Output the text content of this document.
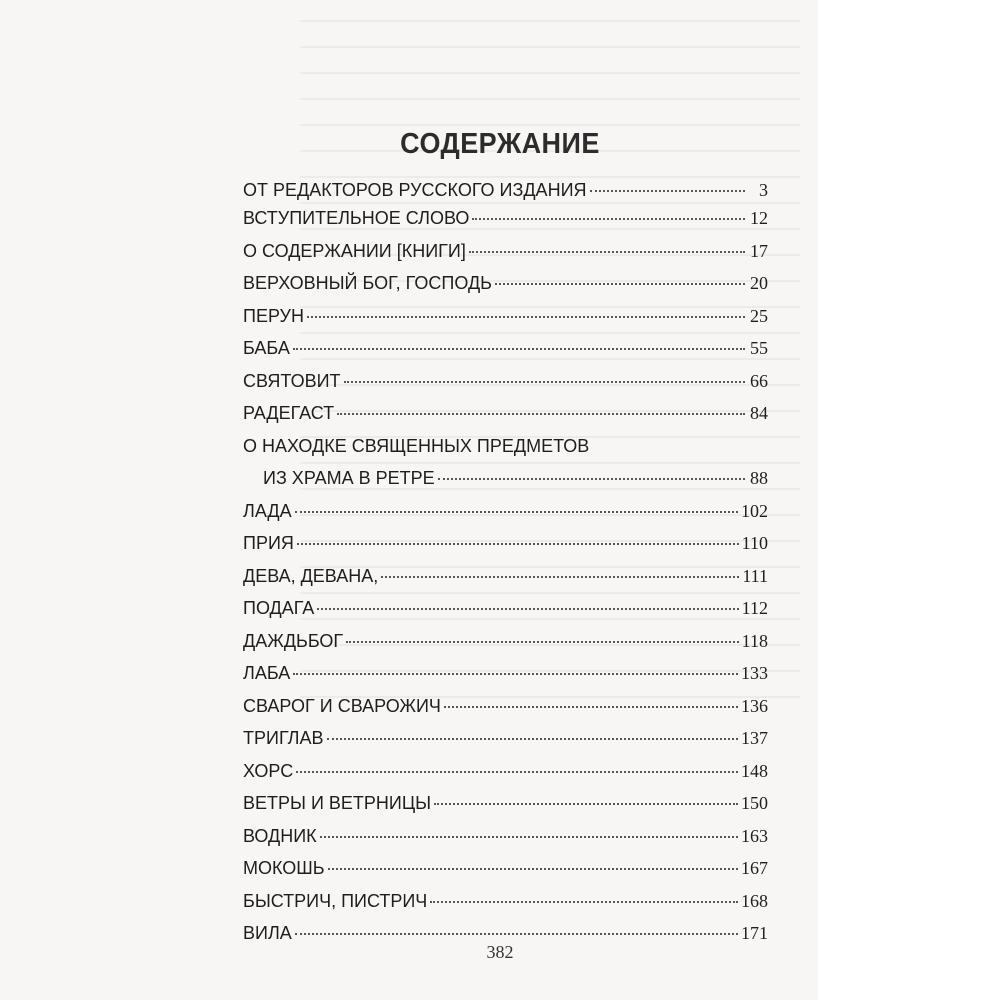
СОДЕРЖАНИЕ
ОТ РЕДАКТОРОВ РУССКОГО ИЗДАНИЯ	3
ВСТУПИТЕЛЬНОЕ СЛОВО	12
О СОДЕРЖАНИИ [КНИГИ]	17
ВЕРХОВНЫЙ БОГ, ГОСПОДЬ	20
ПЕРУН	25
БАБА	55
СВЯТОВИТ	66
РАДЕГАСТ	84
О НАХОДКЕ СВЯЩЕННЫХ ПРЕДМЕТОВ
ИЗ ХРАМА В РЕТРЕ	88
ЛАДА	102
ПРИЯ	110
ДЕВА, ДЕВАНА,	111
ПОДАГА	112
ДАЖДЬБОГ	118
ЛАБА	133
СВАРОГ И СВАРОЖИЧ	136
ТРИГЛАВ	137
ХОРС	148
ВЕТРЫ И ВЕТРНИЦЫ	150
ВОДНИК	163
МОКОШЬ	167
БЫСТРИЧ, ПИСТРИЧ	168
ВИЛА	171
382
